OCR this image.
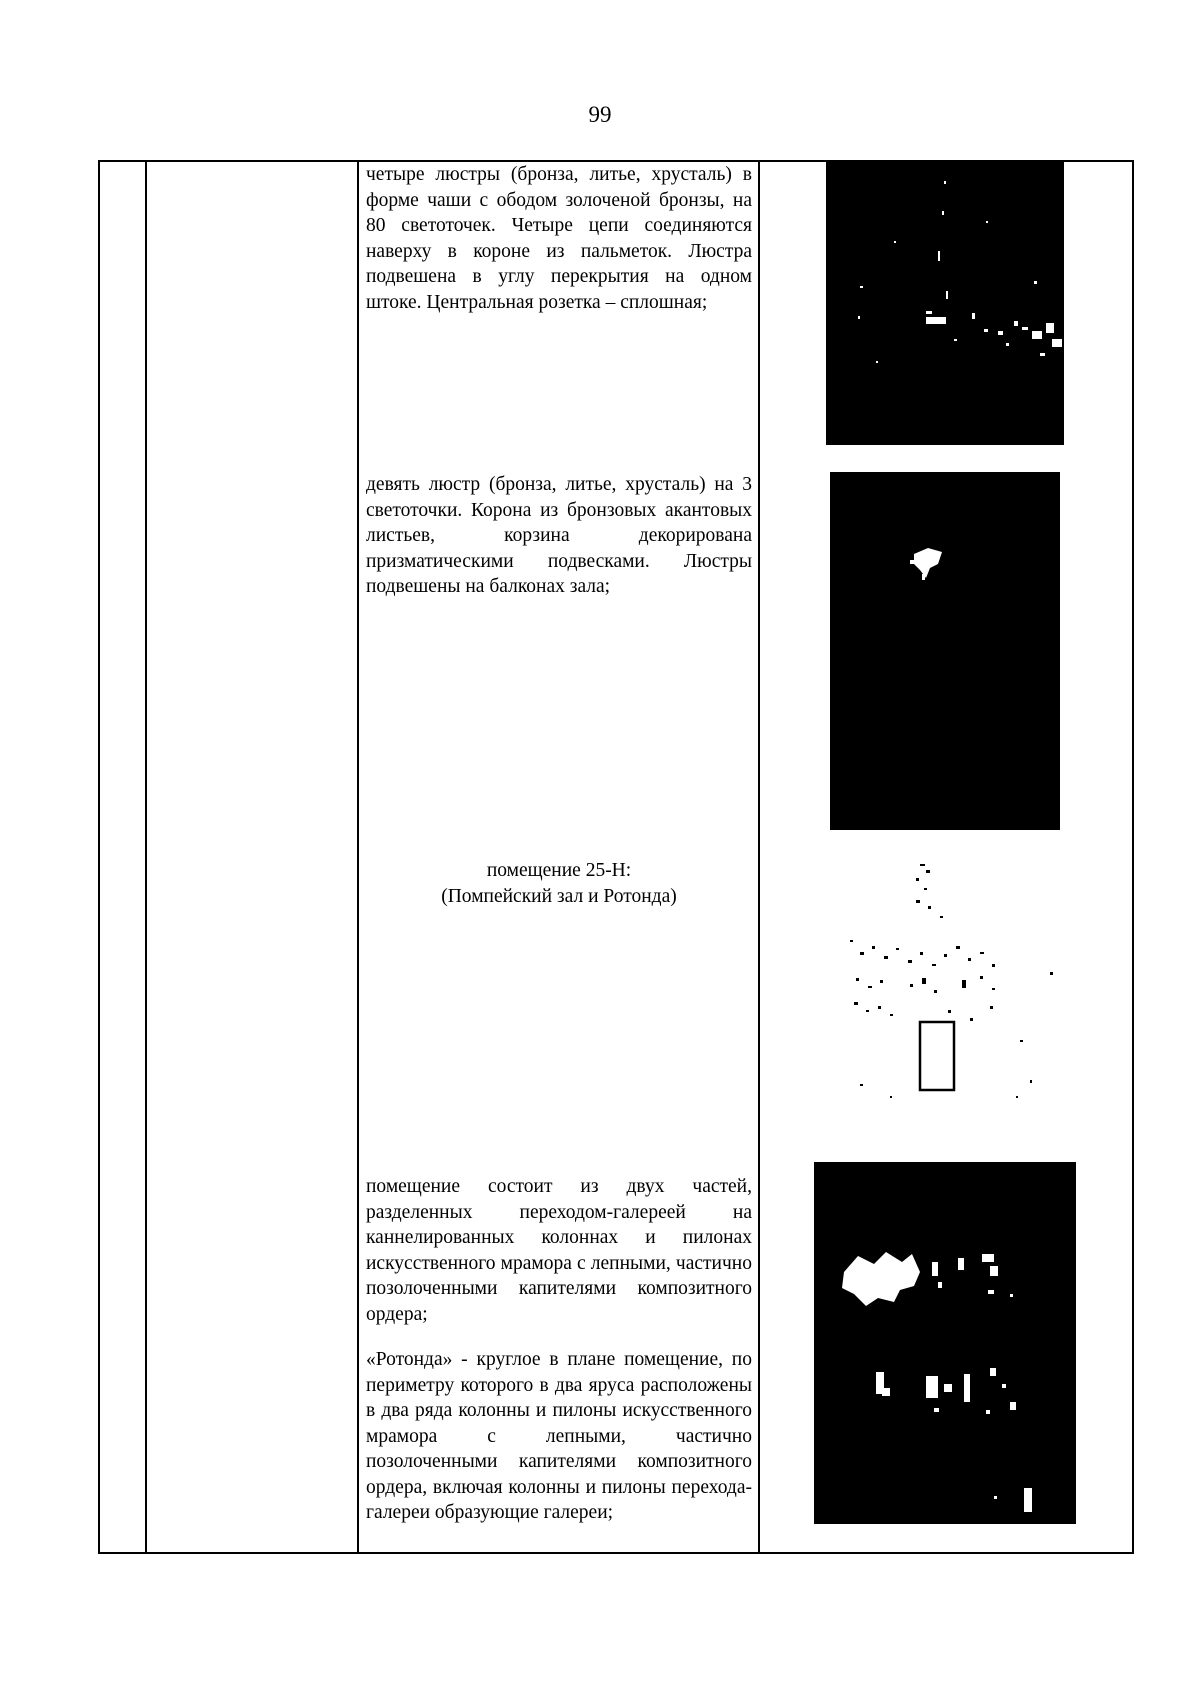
99

четыре люстры (бронза, литье, хрусталь) в форме чаши с ободом золоченой бронзы, на 80 светоточек. Четыре цепи соединяются наверху в короне из пальметок. Люстра подвешена в углу перекрытия на одном штоке. Центральная розетка – сплошная;

девять люстр (бронза, литье, хрусталь) на 3 светоточки. Корона из бронзовых акантовых листьев, корзина декорирована призматическими подвесками. Люстры подвешены на балконах зала;

помещение 25-Н:

(Помпейский зал и Ротонда)

помещение состоит из двух частей, разделенных переходом-галереей на каннелированных колоннах и пилонах искусственного мрамора с лепными, частично позолоченными капителями композитного ордера;

«Ротонда» - круглое в плане помещение, по периметру которого в два яруса расположены в два ряда колонны и пилоны искусственного мрамора с лепными, частично позолоченными капителями композитного ордера, включая колонны и пилоны перехода-галереи образующие галереи;
